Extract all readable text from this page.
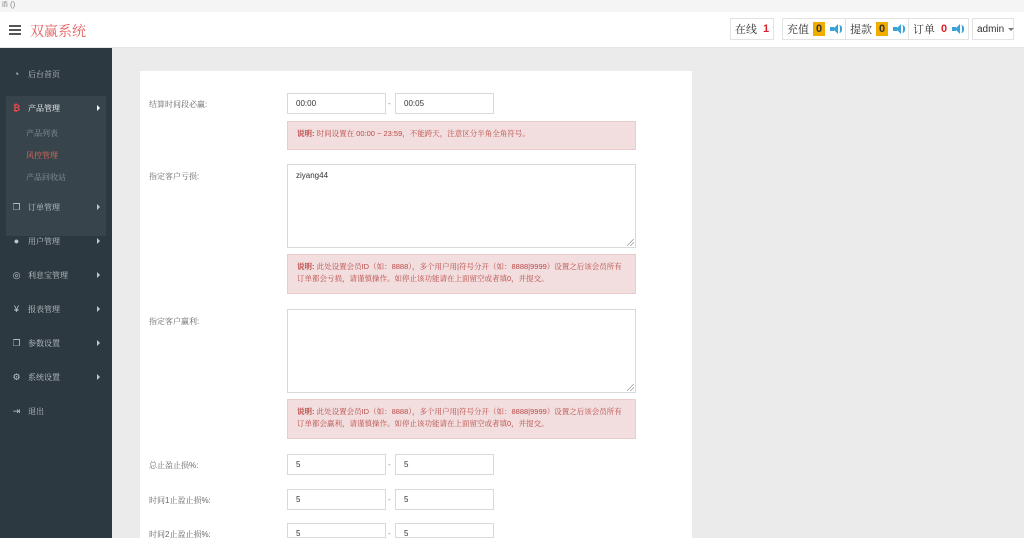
ifi ()
双赢系统	在线 1 充值 0	提款 0	订单 0	admin
◔ 后台首页
₿ 产品管理
产品列表
风控管理
产品回收站
❐ 订单管理
● 用户管理
◎ 利息宝管理
¥ 报表管理
❐ 参数设置
⚙ 系统设置
⇥ 退出
结算时间段必赢:	00:00	-	00:05
说明: 时间设置在 00:00 ~ 23:59，不能跨天，注意区分半角全角符号。
指定客户亏损:	ziyang44
说明: 此处设置会员ID（如：8888），多个用户用|符号分开（如：8888|9999）设置之后该会员所有订单都会亏损，请谨慎操作。如停止该功能请在上面留空或者填0，并提交。
指定客户赢利:
说明: 此处设置会员ID（如：8888），多个用户用|符号分开（如：8888|9999）设置之后该会员所有订单都会赢利，请谨慎操作。如停止该功能请在上面留空或者填0，并提交。
总止盈止损%:	5	-	5
时间1止盈止损%:	5	-	5
时间2止盈止损%:	5	-	5
